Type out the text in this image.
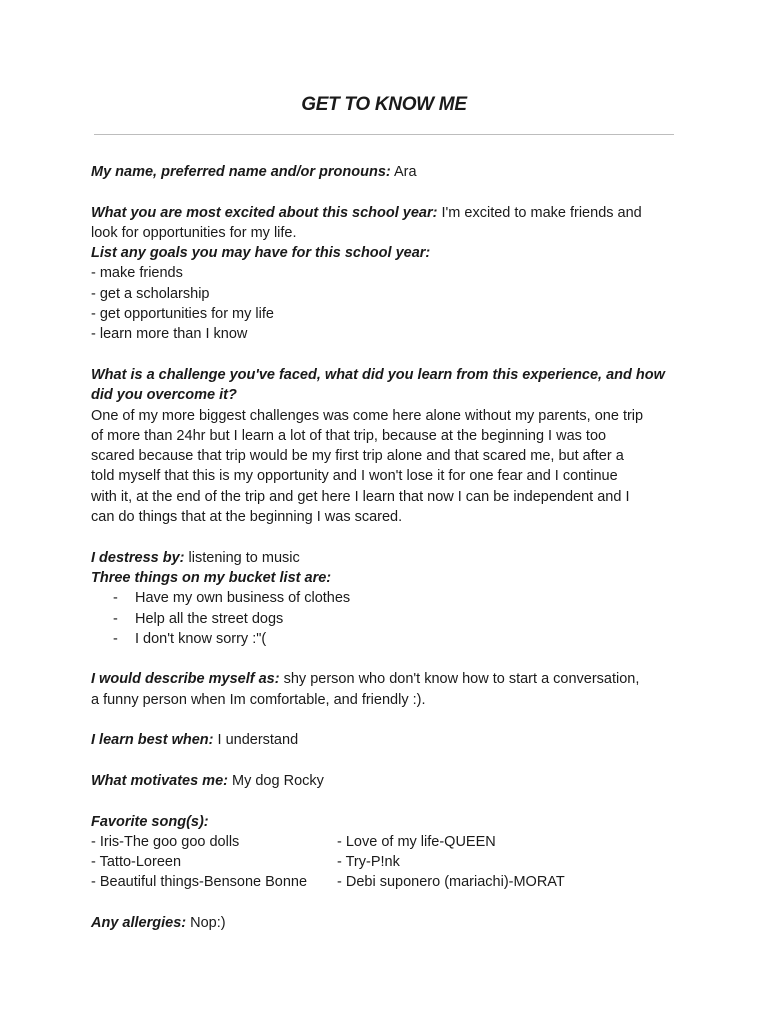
GET TO KNOW ME
My name, preferred name and/or pronouns: Ara
What you are most excited about this school year: I'm excited to make friends and
look for opportunities for my life.
List any goals you may have for this school year:
- make friends
- get a scholarship
- get opportunities for my life
- learn more than I know
What is a challenge you've faced, what did you learn from this experience, and how
did you overcome it?
One of my more biggest challenges was come here alone without my parents, one trip
of more than 24hr but I learn a lot of that trip, because at the beginning I was too
scared because that trip would be my first trip alone and that scared me, but after a
told myself that this is my opportunity and I won't lose it for one fear and I continue
with it, at the end of the trip and get here I learn that now I can be independent and I
can do things that at the beginning I was scared.
I destress by: listening to music
Three things on my bucket list are:
- Have my own business of clothes
- Help all the street dogs
- I don't know sorry :"(
I would describe myself as: shy person who don't know how to start a conversation,
a funny person when Im comfortable, and friendly :).
I learn best when: I understand
What motivates me: My dog Rocky
Favorite song(s):
- Iris-The goo goo dolls
- Tatto-Loreen
- Beautiful things-Bensone Bonne
- Love of my life-QUEEN
- Try-P!nk
- Debi suponero (mariachi)-MORAT
Any allergies: Nop:)
